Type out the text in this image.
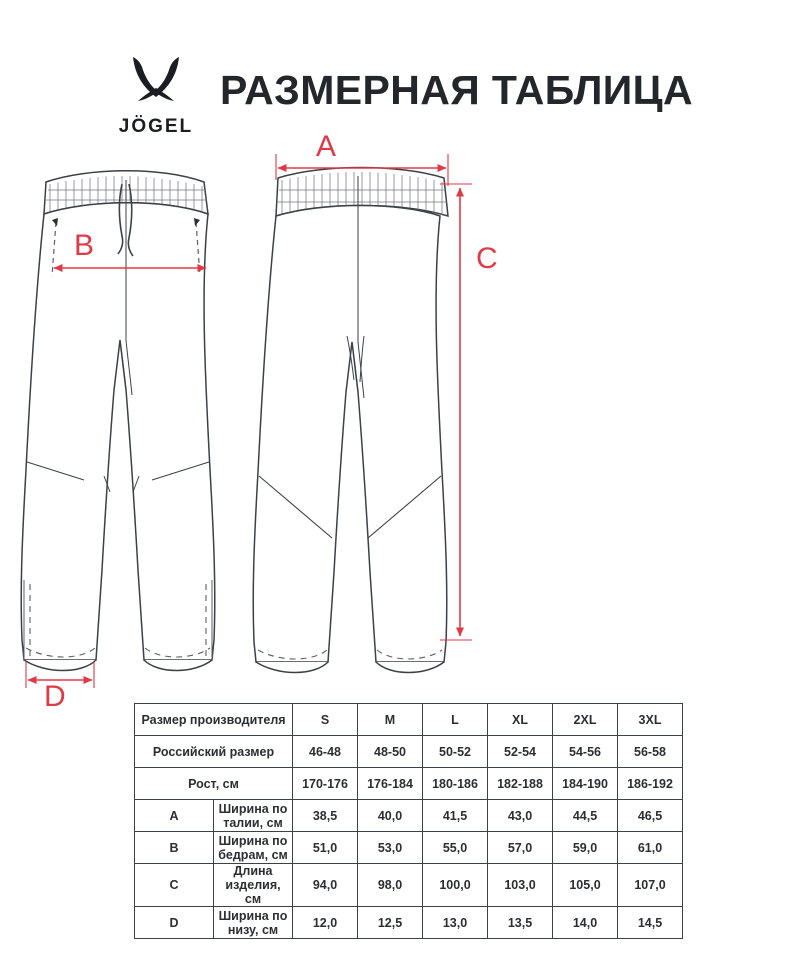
JÖGEL
РАЗМЕРНАЯ ТАБЛИЦА
A
C
B
D
Размер производителя		S	M	L	XL	2XL	3XL
Российский размер		46-48	48-50	50-52	52-54	54-56	56-58
Рост, см		170-176	176-184	180-186	182-188	184-190	186-192
A	Ширина по талии, см	38,5	40,0	41,5	43,0	44,5	46,5
B	Ширина по бедрам, см	51,0	53,0	55,0	57,0	59,0	61,0
C	Длина изделия, см	94,0	98,0	100,0	103,0	105,0	107,0
D	Ширина по низу, см	12,0	12,5	13,0	13,5	14,0	14,5
